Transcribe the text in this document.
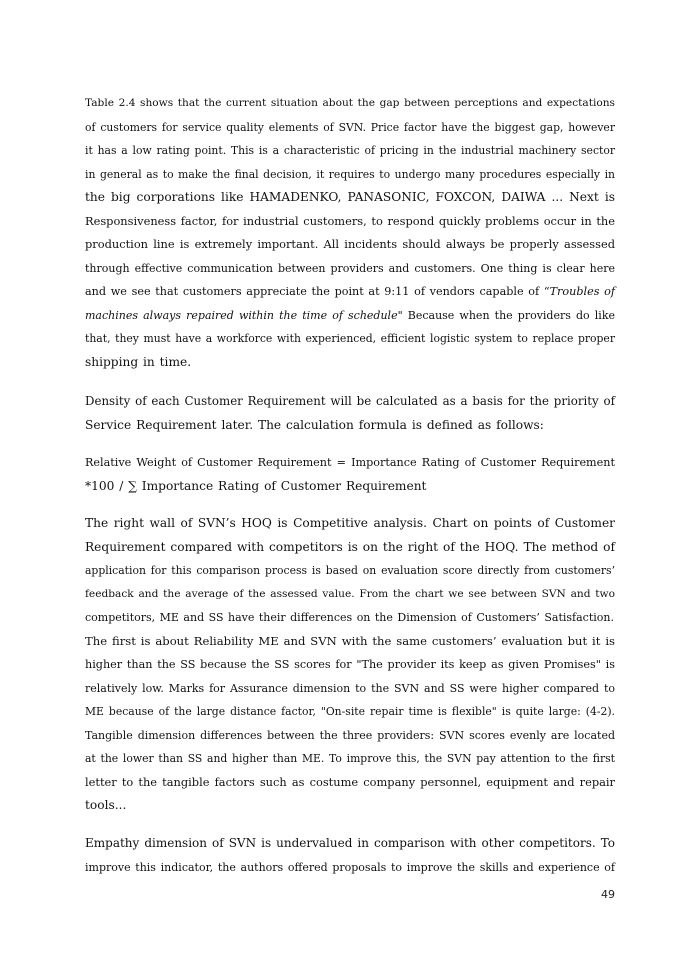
Table 2.4 shows that the current situation about the gap between perceptions and expectations
of customers for service quality elements of SVN. Price factor have the biggest gap, however
it has a low rating point. This is a characteristic of pricing in the industrial machinery sector
in general as to make the final decision, it requires to undergo many procedures especially in
the big corporations like HAMADENKO, PANASONIC, FOXCON, DAIWA ... Next is
Responsiveness factor, for industrial customers, to respond quickly problems occur in the
production line is extremely important. All incidents should always be properly assessed
through effective communication between providers and customers. One thing is clear here
and we see that customers appreciate the point at 9:11 of vendors capable of “Troubles of
machines always repaired within the time of schedule" Because when the providers do like
that, they must have a workforce with experienced, efficient logistic system to replace proper
shipping in time.
Density of each Customer Requirement will be calculated as a basis for the priority of
Service Requirement later. The calculation formula is defined as follows:
Relative Weight of Customer Requirement = Importance Rating of Customer Requirement
*100 / ∑ Importance Rating of Customer Requirement
The right wall of SVN’s HOQ is Competitive analysis. Chart on points of Customer
Requirement compared with competitors is on the right of the HOQ. The method of
application for this comparison process is based on evaluation score directly from customers’
feedback and the average of the assessed value. From the chart we see between SVN and two
competitors, ME and SS have their differences on the Dimension of Customers’ Satisfaction.
The first is about Reliability ME and SVN with the same customers’ evaluation but it is
higher than the SS because the SS scores for "The provider its keep as given Promises" is
relatively low. Marks for Assurance dimension to the SVN and SS were higher compared to
ME because of the large distance factor, "On-site repair time is flexible" is quite large: (4-2).
Tangible dimension differences between the three providers: SVN scores evenly are located
at the lower than SS and higher than ME. To improve this, the SVN pay attention to the first
letter to the tangible factors such as costume company personnel, equipment and repair
tools...
Empathy dimension of SVN is undervalued in comparison with other competitors. To
improve this indicator, the authors offered proposals to improve the skills and experience of
49
